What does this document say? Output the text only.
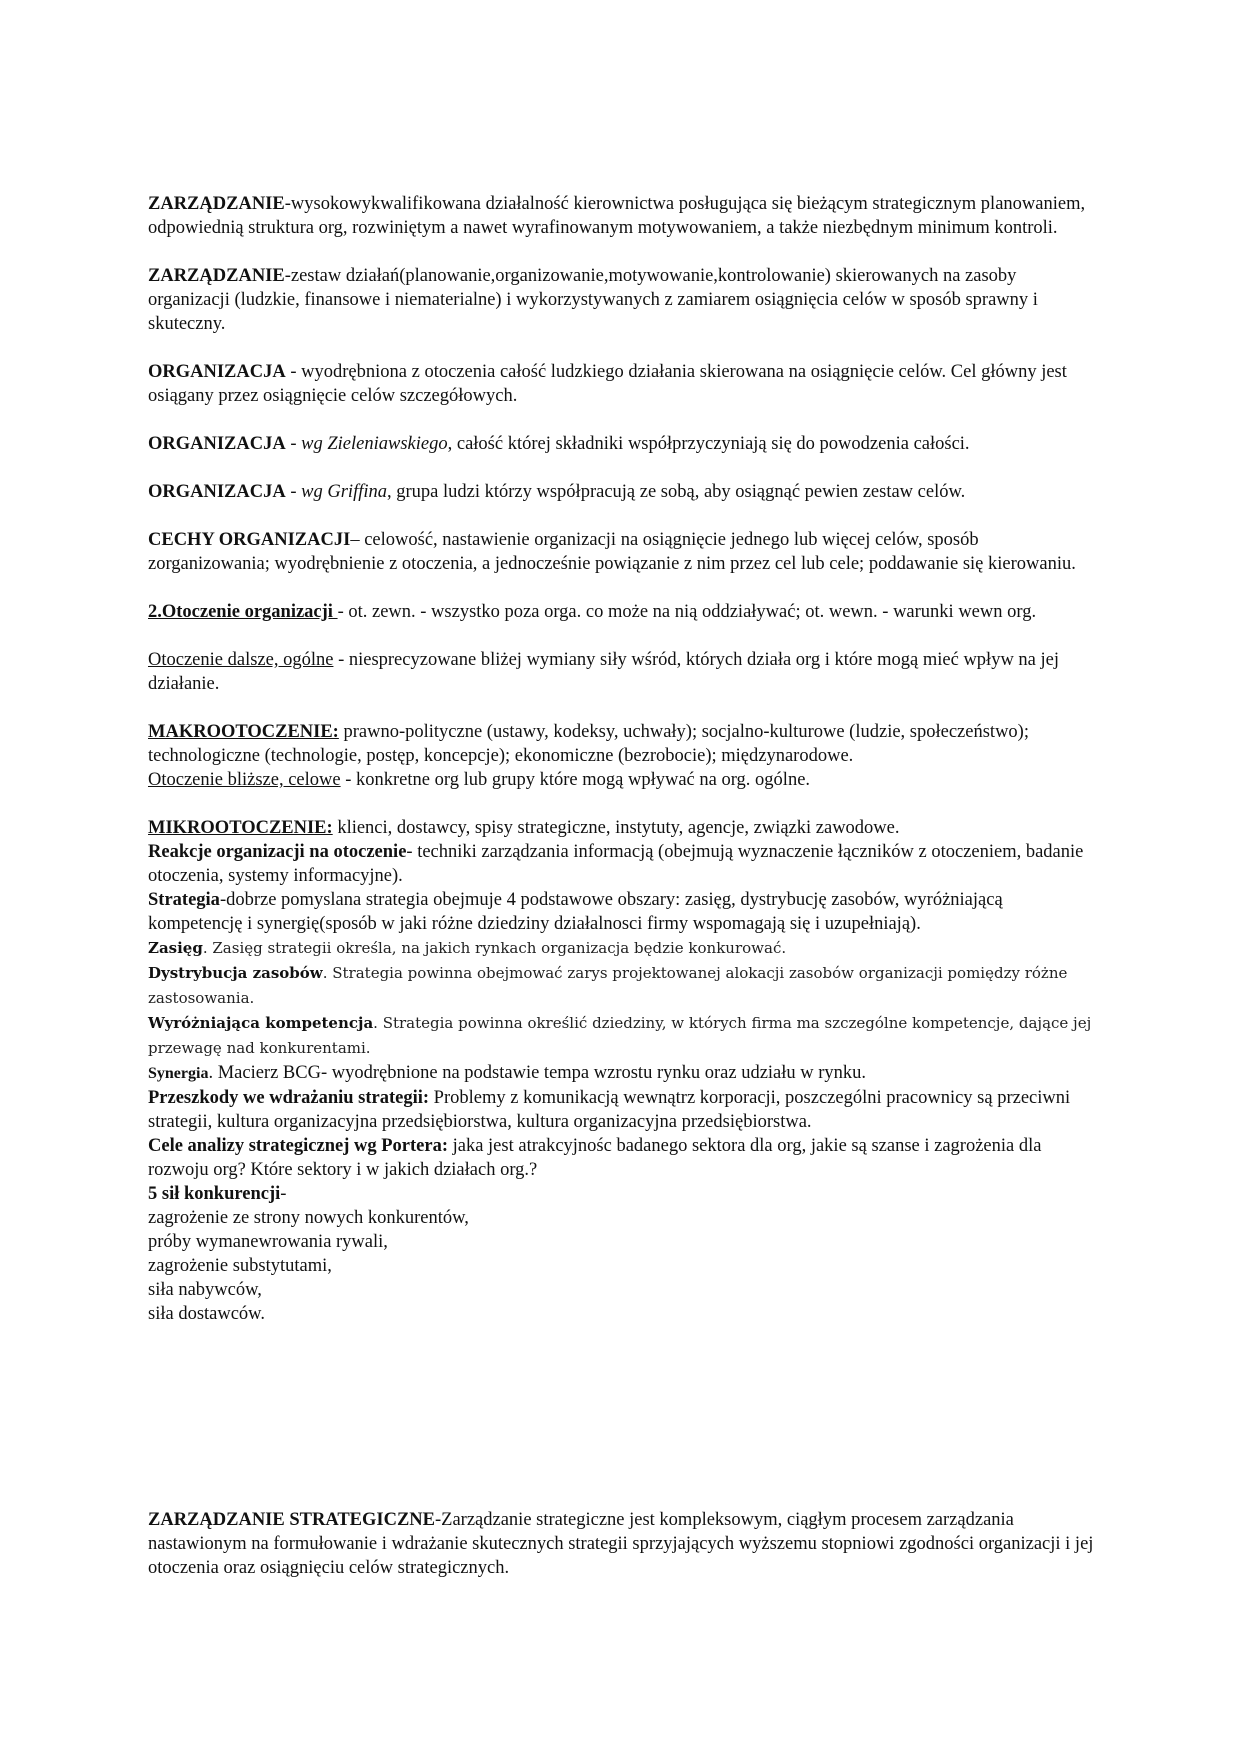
ZARZĄDZANIE-wysokowykwalifikowana działalność kierownictwa posługująca się bieżącym strategicznym planowaniem, odpowiednią struktura org, rozwiniętym a nawet wyrafinowanym motywowaniem, a także niezbędnym minimum kontroli.

ZARZĄDZANIE-zestaw działań(planowanie,organizowanie,motywowanie,kontrolowanie) skierowanych na zasoby organizacji (ludzkie, finansowe i niematerialne) i wykorzystywanych z zamiarem osiągnięcia celów w sposób sprawny i skuteczny.

ORGANIZACJA - wyodrębniona z otoczenia całość ludzkiego działania skierowana na osiągnięcie celów. Cel główny jest osiągany przez osiągnięcie celów szczegółowych.

ORGANIZACJA - wg Zieleniawskiego, całość której składniki współprzyczyniają się do powodzenia całości.

ORGANIZACJA - wg Griffina, grupa ludzi którzy współpracują ze sobą, aby osiągnąć pewien zestaw celów.

CECHY ORGANIZACJI– celowość, nastawienie organizacji na osiągnięcie jednego lub więcej celów, sposób zorganizowania; wyodrębnienie z otoczenia, a jednocześnie powiązanie z nim przez cel lub cele; poddawanie się kierowaniu.

2.Otoczenie organizacji - ot. zewn. - wszystko poza orga. co może na nią oddziaływać; ot. wewn. - warunki wewn org.

Otoczenie dalsze, ogólne - niesprecyzowane bliżej wymiany siły wśród, których działa org i które mogą mieć wpływ na jej działanie.

MAKROOTOCZENIE: prawno-polityczne (ustawy, kodeksy, uchwały); socjalno-kulturowe (ludzie, społeczeństwo); technologiczne (technologie, postęp, koncepcje); ekonomiczne (bezrobocie); międzynarodowe.
Otoczenie bliższe, celowe - konkretne org lub grupy które mogą wpływać na org. ogólne.

MIKROOTOCZENIE: klienci, dostawcy, spisy strategiczne, instytuty, agencje, związki zawodowe.

Reakcje organizacji na otoczenie- techniki zarządzania informacją (obejmują wyznaczenie łączników z otoczeniem, badanie otoczenia, systemy informacyjne).

Strategia-dobrze pomyslana strategia obejmuje 4 podstawowe obszary: zasięg, dystrybucję zasobów, wyróżniającą kompetencję i synergię(sposób w jaki różne dziedziny działalnosci firmy wspomagają się i uzupełniają).

Zasięg. Zasięg strategii określa, na jakich rynkach organizacja będzie konkurować.

Dystrybucja zasobów. Strategia powinna obejmować zarys projektowanej alokacji zasobów organizacji pomiędzy różne zastosowania.

Wyróżniająca kompetencja. Strategia powinna określić dziedziny, w których firma ma szczególne kompetencje, dające jej przewagę nad konkurentami.

Synergia. Macierz BCG- wyodrębnione na podstawie tempa wzrostu rynku oraz udziału w rynku.

Przeszkody we wdrażaniu strategii: Problemy z komunikacją wewnątrz korporacji, poszczególni pracownicy są przeciwni strategii, kultura organizacyjna przedsiębiorstwa, kultura organizacyjna przedsiębiorstwa.

Cele analizy strategicznej wg Portera: jaka jest atrakcyjnośc badanego sektora dla org, jakie są szanse i zagrożenia dla rozwoju org? Które sektory i w jakich działach org.?

5 sił konkurencji-

zagrożenie ze strony nowych konkurentów,
próby wymanewrowania rywali,
zagrożenie substytutami,
siła nabywców,
siła dostawców.

ZARZĄDZANIE STRATEGICZNE-Zarządzanie strategiczne jest kompleksowym, ciągłym procesem zarządzania nastawionym na formułowanie i wdrażanie skutecznych strategii sprzyjających wyższemu stopniowi zgodności organizacji i jej otoczenia oraz osiągnięciu celów strategicznych.
